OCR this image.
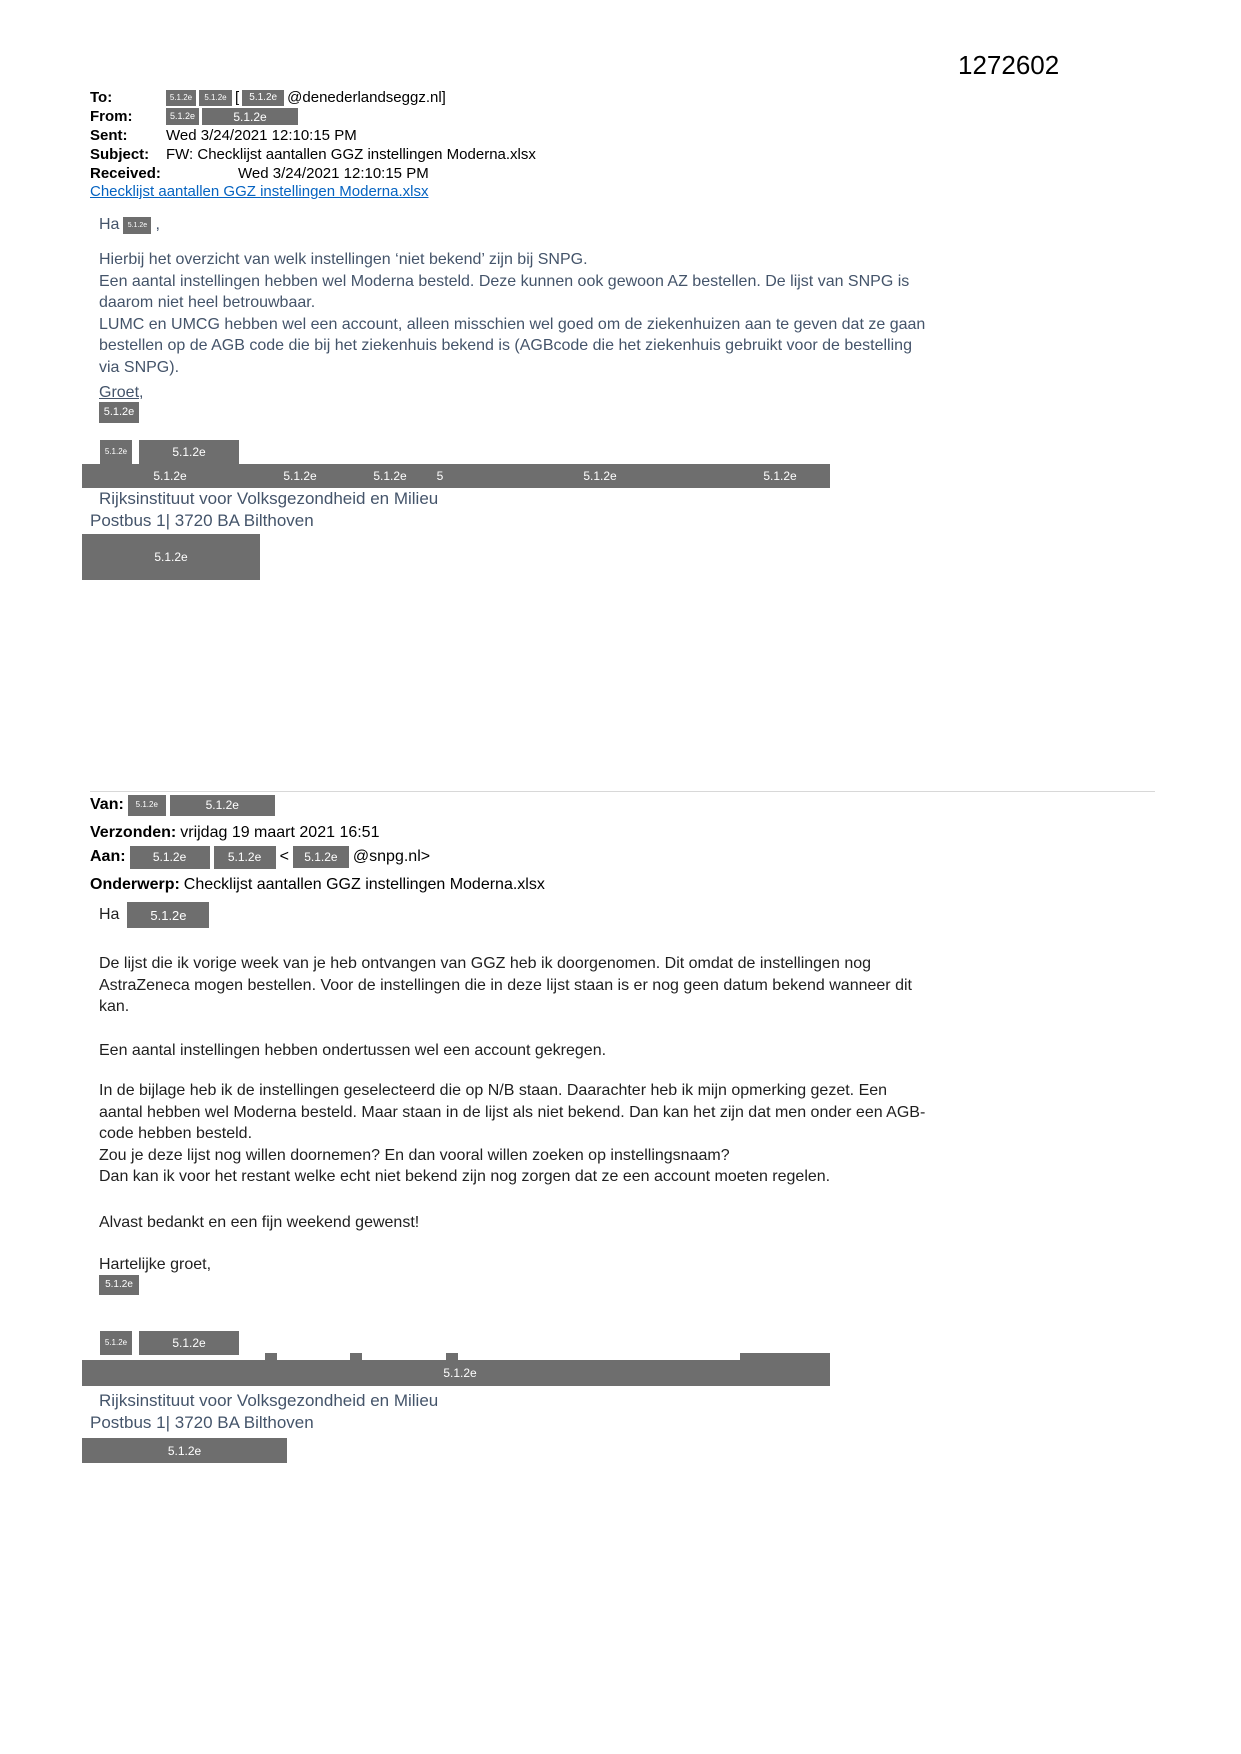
1272602
To:	5.1.2e	5.1.2e [	5.1.2e @denederlandseggz.nl]
From:	5.1.2e	5.1.2e
Sent:	Wed 3/24/2021 12:10:15 PM
Subject:	FW: Checklijst aantallen GGZ instellingen Moderna.xlsx
Received:	Wed 3/24/2021 12:10:15 PM
Checklijst aantallen GGZ instellingen Moderna.xlsx
Ha	5.1.2e ,
Hierbij het overzicht van welk instellingen ‘niet bekend’ zijn bij SNPG.
Een aantal instellingen hebben wel Moderna besteld. Deze kunnen ook gewoon AZ bestellen. De lijst van SNPG is
daarom niet heel betrouwbaar.
LUMC en UMCG hebben wel een account, alleen misschien wel goed om de ziekenhuizen aan te geven dat ze gaan
bestellen op de AGB code die bij het ziekenhuis bekend is (AGBcode die het ziekenhuis gebruikt voor de bestelling
via SNPG).
Groet,
5.1.2e
5.1.2e	5.1.2e
5.1.2e	5.1.2e	5.1.2e 5	5.1.2e	5.1.2e
Rijksinstituut voor Volksgezondheid en Milieu
Postbus 1| 3720 BA Bilthoven
5.1.2e
Van:	5.1.2e	5.1.2e
Verzonden: vrijdag 19 maart 2021 16:51
Aan:	5.1.2e	5.1.2e	<	5.1.2e @snpg.nl>
Onderwerp: Checklijst aantallen GGZ instellingen Moderna.xlsx
Ha	5.1.2e
De lijst die ik vorige week van je heb ontvangen van GGZ heb ik doorgenomen. Dit omdat de instellingen nog
AstraZeneca mogen bestellen. Voor de instellingen die in deze lijst staan is er nog geen datum bekend wanneer dit
kan.
Een aantal instellingen hebben ondertussen wel een account gekregen.
In de bijlage heb ik de instellingen geselecteerd die op N/B staan. Daarachter heb ik mijn opmerking gezet. Een
aantal hebben wel Moderna besteld. Maar staan in de lijst als niet bekend. Dan kan het zijn dat men onder een AGB-
code hebben besteld.
Zou je deze lijst nog willen doornemen? En dan vooral willen zoeken op instellingsnaam?
Dan kan ik voor het restant welke echt niet bekend zijn nog zorgen dat ze een account moeten regelen.
Alvast bedankt en een fijn weekend gewenst!
Hartelijke groet,
5.1.2e
5.1.2e	5.1.2e
5.1.2e
Rijksinstituut voor Volksgezondheid en Milieu
Postbus 1| 3720 BA Bilthoven
5.1.2e
